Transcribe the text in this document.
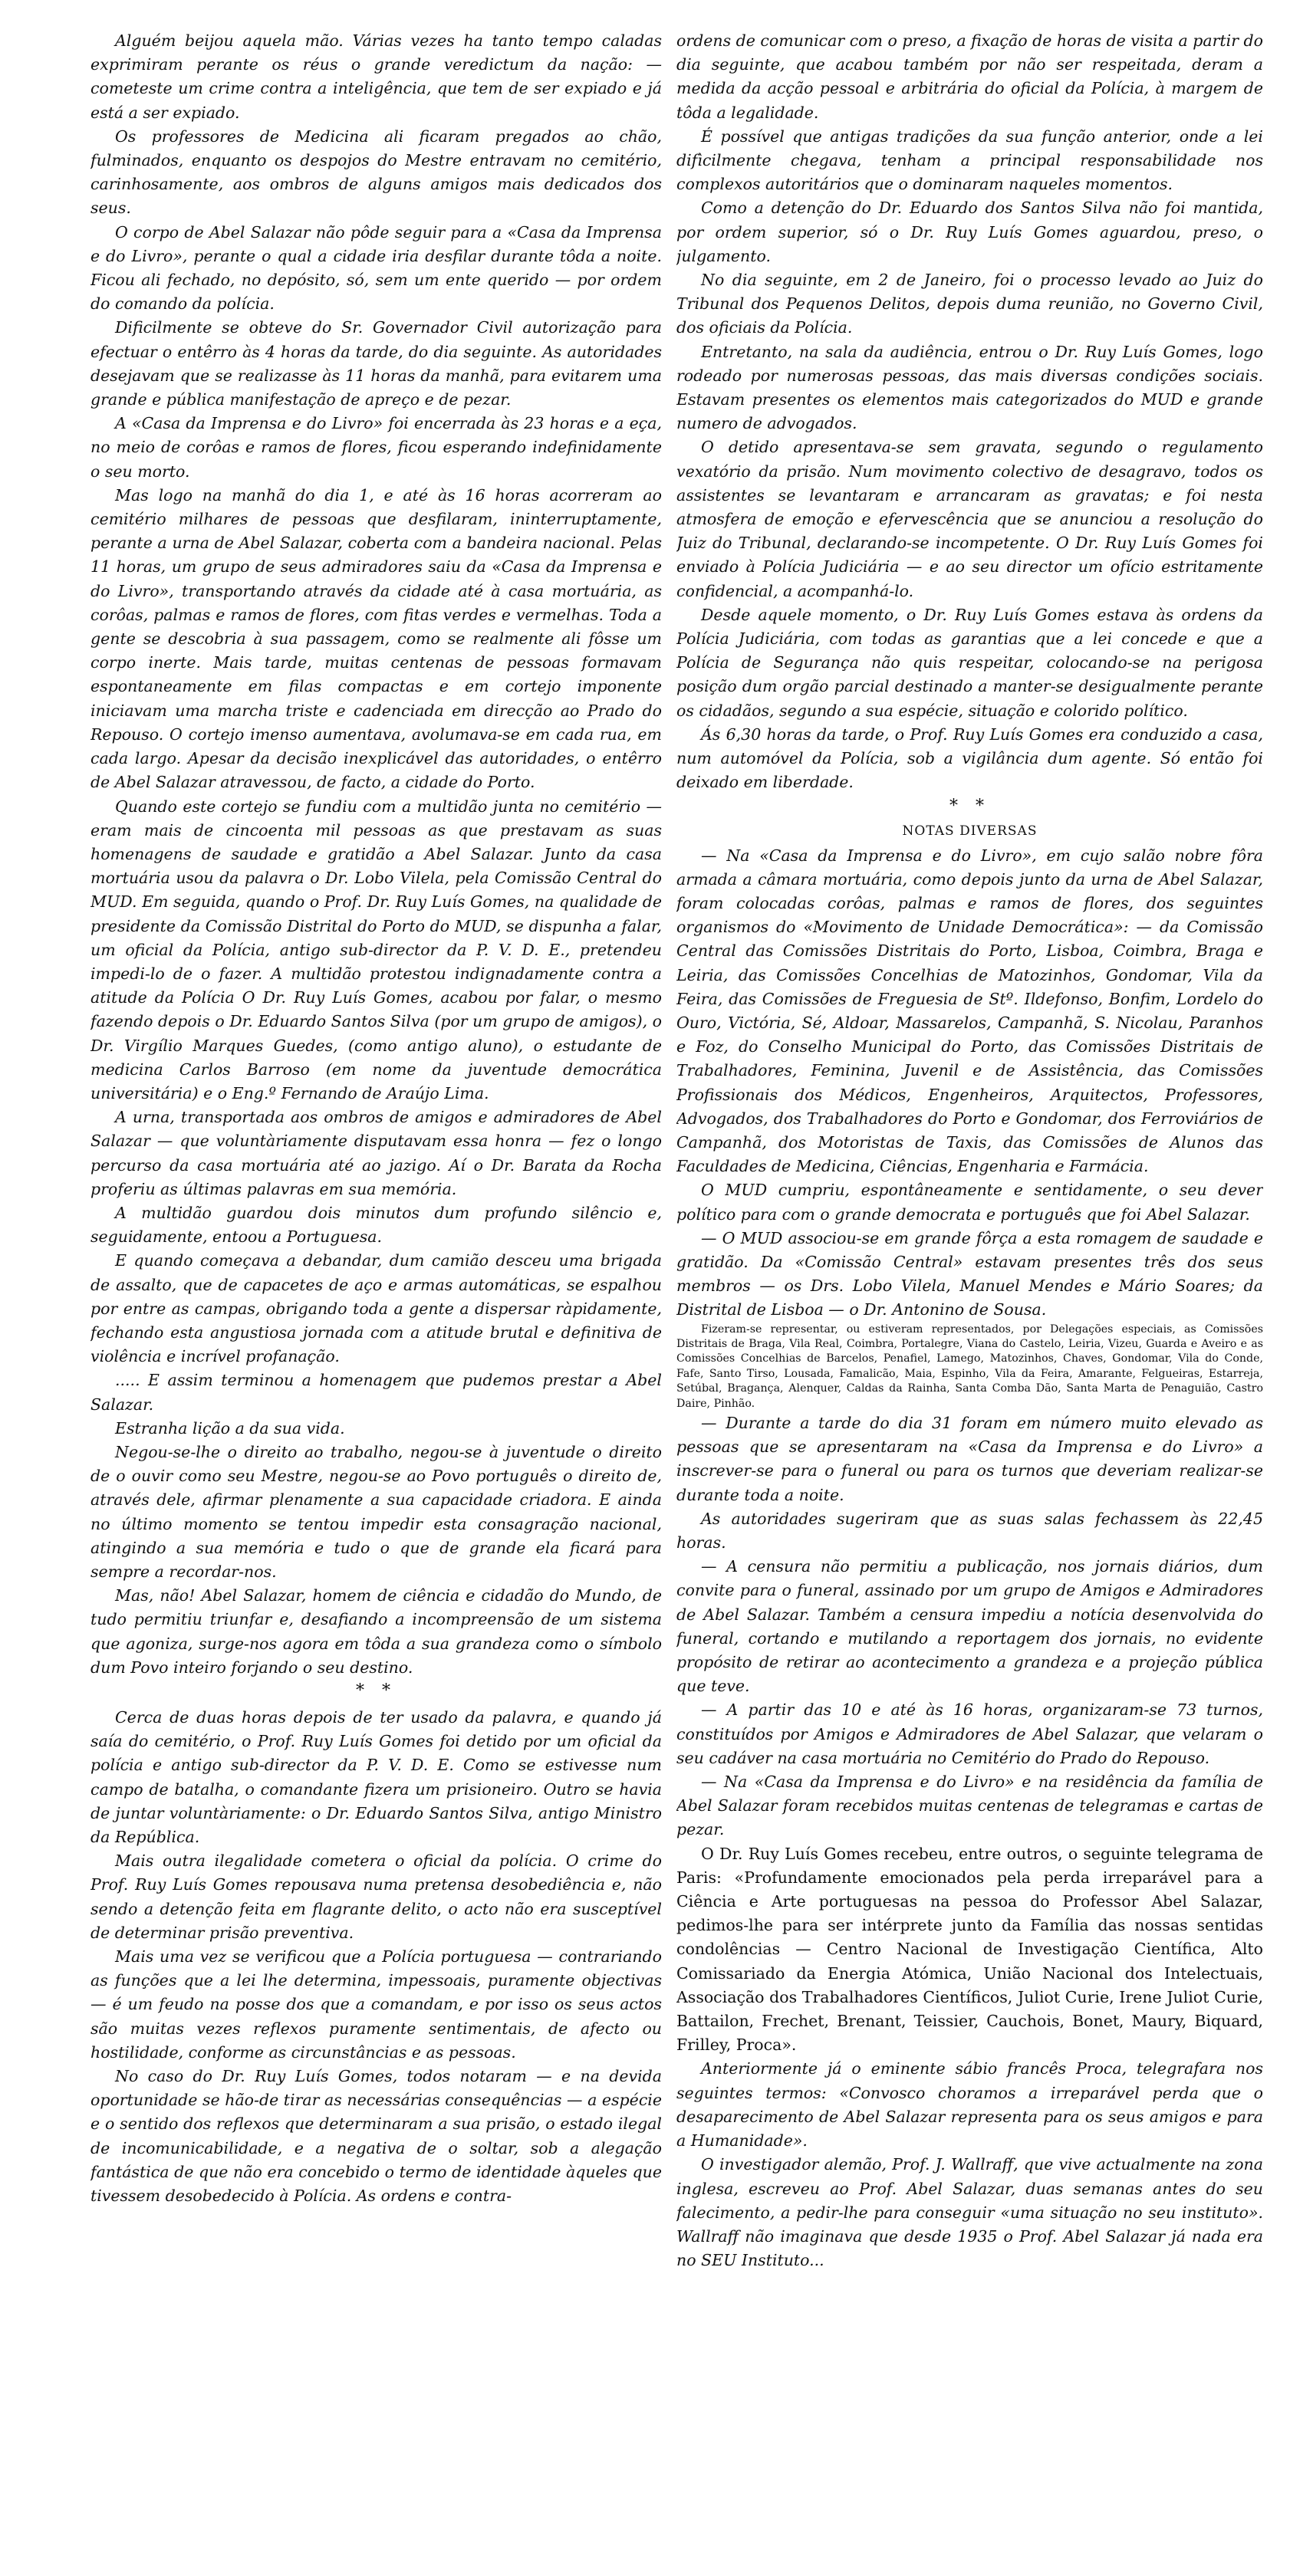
Alguém beijou aquela mão. Várias vezes ha tanto tempo caladas exprimiram perante os réus o grande veredictum da nação: — cometeste um crime contra a inteligência, que tem de ser expiado e já está a ser expiado.

Os professores de Medicina ali ficaram pregados ao chão, fulminados, enquanto os despojos do Mestre entravam no cemitério, carinhosamente, aos ombros de alguns amigos mais dedicados dos seus.

O corpo de Abel Salazar não pôde seguir para a «Casa da Imprensa e do Livro», perante o qual a cidade iria desfilar durante tôda a noite. Ficou ali fechado, no depósito, só, sem um ente querido — por ordem do comando da polícia.

Dificilmente se obteve do Sr. Governador Civil autorização para efectuar o entêrro às 4 horas da tarde, do dia seguinte. As autoridades desejavam que se realizasse às 11 horas da manhã, para evitarem uma grande e pública manifestação de apreço e de pezar.

A «Casa da Imprensa e do Livro» foi encerrada às 23 horas e a eça, no meio de corôas e ramos de flores, ficou esperando indefinidamente o seu morto.

Mas logo na manhã do dia 1, e até às 16 horas acorreram ao cemitério milhares de pessoas que desfilaram, ininterruptamente, perante a urna de Abel Salazar, coberta com a bandeira nacional. Pelas 11 horas, um grupo de seus admiradores saiu da «Casa da Imprensa e do Livro», transportando através da cidade até à casa mortuária, as corôas, palmas e ramos de flores, com fitas verdes e vermelhas. Toda a gente se descobria à sua passagem, como se realmente ali fôsse um corpo inerte. Mais tarde, muitas centenas de pessoas formavam espontaneamente em filas compactas e em cortejo imponente iniciavam uma marcha triste e cadenciada em direcção ao Prado do Repouso. O cortejo imenso aumentava, avolumava-se em cada rua, em cada largo. Apesar da decisão inexplicável das autoridades, o entêrro de Abel Salazar atravessou, de facto, a cidade do Porto.

Quando este cortejo se fundiu com a multidão junta no cemitério — eram mais de cincoenta mil pessoas as que prestavam as suas homenagens de saudade e gratidão a Abel Salazar. Junto da casa mortuária usou da palavra o Dr. Lobo Vilela, pela Comissão Central do MUD. Em seguida, quando o Prof. Dr. Ruy Luís Gomes, na qualidade de presidente da Comissão Distrital do Porto do MUD, se dispunha a falar, um oficial da Polícia, antigo sub-director da P. V. D. E., pretendeu impedi-lo de o fazer. A multidão protestou indignadamente contra a atitude da Polícia O Dr. Ruy Luís Gomes, acabou por falar, o mesmo fazendo depois o Dr. Eduardo Santos Silva (por um grupo de amigos), o Dr. Virgílio Marques Guedes, (como antigo aluno), o estudante de medicina Carlos Barroso (em nome da juventude democrática universitária) e o Eng.º Fernando de Araújo Lima.

A urna, transportada aos ombros de amigos e admiradores de Abel Salazar — que voluntàriamente disputavam essa honra — fez o longo percurso da casa mortuária até ao jazigo. Aí o Dr. Barata da Rocha proferiu as últimas palavras em sua memória.

A multidão guardou dois minutos dum profundo silêncio e, seguidamente, entoou a Portuguesa.

E quando começava a debandar, dum camião desceu uma brigada de assalto, que de capacetes de aço e armas automáticas, se espalhou por entre as campas, obrigando toda a gente a dispersar ràpidamente, fechando esta angustiosa jornada com a atitude brutal e definitiva de violência e incrível profanação.

..... E assim terminou a homenagem que pudemos prestar a Abel Salazar.

Estranha lição a da sua vida.

Negou-se-lhe o direito ao trabalho, negou-se à juventude o direito de o ouvir como seu Mestre, negou-se ao Povo português o direito de, através dele, afirmar plenamente a sua capacidade criadora. E ainda no último momento se tentou impedir esta consagração nacional, atingindo a sua memória e tudo o que de grande ela ficará para sempre a recordar-nos.

Mas, não! Abel Salazar, homem de ciência e cidadão do Mundo, de tudo permitiu triunfar e, desafiando a incompreensão de um sistema que agoniza, surge-nos agora em tôda a sua grandeza como o símbolo dum Povo inteiro forjando o seu destino.

* *

Cerca de duas horas depois de ter usado da palavra, e quando já saía do cemitério, o Prof. Ruy Luís Gomes foi detido por um oficial da polícia e antigo sub-director da P. V. D. E. Como se estivesse num campo de batalha, o comandante fizera um prisioneiro. Outro se havia de juntar voluntàriamente: o Dr. Eduardo Santos Silva, antigo Ministro da República.

Mais outra ilegalidade cometera o oficial da polícia. O crime do Prof. Ruy Luís Gomes repousava numa pretensa desobediência e, não sendo a detenção feita em flagrante delito, o acto não era susceptível de determinar prisão preventiva.

Mais uma vez se verificou que a Polícia portuguesa — contrariando as funções que a lei lhe determina, impessoais, puramente objectivas — é um feudo na posse dos que a comandam, e por isso os seus actos são muitas vezes reflexos puramente sentimentais, de afecto ou hostilidade, conforme as circunstâncias e as pessoas.

No caso do Dr. Ruy Luís Gomes, todos notaram — e na devida oportunidade se hão-de tirar as necessárias consequências — a espécie e o sentido dos reflexos que determinaram a sua prisão, o estado ilegal de incomunicabilidade, e a negativa de o soltar, sob a alegação fantástica de que não era concebido o termo de identidade àqueles que tivessem desobedecido à Polícia. As ordens e contra-

ordens de comunicar com o preso, a fixação de horas de visita a partir do dia seguinte, que acabou também por não ser respeitada, deram a medida da acção pessoal e arbitrária do oficial da Polícia, à margem de tôda a legalidade.

É possível que antigas tradições da sua função anterior, onde a lei difìcilmente chegava, tenham a principal responsabilidade nos complexos autoritários que o dominaram naqueles momentos.

Como a detenção do Dr. Eduardo dos Santos Silva não foi mantida, por ordem superior, só o Dr. Ruy Luís Gomes aguardou, preso, o julgamento.

No dia seguinte, em 2 de Janeiro, foi o processo levado ao Juiz do Tribunal dos Pequenos Delitos, depois duma reunião, no Governo Civil, dos oficiais da Polícia.

Entretanto, na sala da audiência, entrou o Dr. Ruy Luís Gomes, logo rodeado por numerosas pessoas, das mais diversas condições sociais. Estavam presentes os elementos mais categorizados do MUD e grande numero de advogados.

O detido apresentava-se sem gravata, segundo o regulamento vexatório da prisão. Num movimento colectivo de desagravo, todos os assistentes se levantaram e arrancaram as gravatas; e foi nesta atmosfera de emoção e efervescência que se anunciou a resolução do Juiz do Tribunal, declarando-se incompetente. O Dr. Ruy Luís Gomes foi enviado à Polícia Judiciária — e ao seu director um ofício estritamente confidencial, a acompanhá-lo.

Desde aquele momento, o Dr. Ruy Luís Gomes estava às ordens da Polícia Judiciária, com todas as garantias que a lei concede e que a Polícia de Segurança não quis respeitar, colocando-se na perigosa posição dum orgão parcial destinado a manter-se desigualmente perante os cidadãos, segundo a sua espécie, situação e colorido político.

Ás 6,30 horas da tarde, o Prof. Ruy Luís Gomes era conduzido a casa, num automóvel da Polícia, sob a vigilância dum agente. Só então foi deixado em liberdade.

* *
NOTAS DIVERSAS

— Na «Casa da Imprensa e do Livro», em cujo salão nobre fôra armada a câmara mortuária, como depois junto da urna de Abel Salazar, foram colocadas corôas, palmas e ramos de flores, dos seguintes organismos do «Movimento de Unidade Democrática»: — da Comissão Central das Comissões Distritais do Porto, Lisboa, Coimbra, Braga e Leiria, das Comissões Concelhias de Matozinhos, Gondomar, Vila da Feira, das Comissões de Freguesia de Stº. Ildefonso, Bonfim, Lordelo do Ouro, Victória, Sé, Aldoar, Massarelos, Campanhã, S. Nicolau, Paranhos e Foz, do Conselho Municipal do Porto, das Comissões Distritais de Trabalhadores, Feminina, Juvenil e de Assistência, das Comissões Profissionais dos Médicos, Engenheiros, Arquitectos, Professores, Advogados, dos Trabalhadores do Porto e Gondomar, dos Ferroviários de Campanhã, dos Motoristas de Taxis, das Comissões de Alunos das Faculdades de Medicina, Ciências, Engenharia e Farmácia.

O MUD cumpriu, espontâneamente e sentidamente, o seu dever político para com o grande democrata e português que foi Abel Salazar.

— O MUD associou-se em grande fôrça a esta romagem de saudade e gratidão. Da «Comissão Central» estavam presentes três dos seus membros — os Drs. Lobo Vilela, Manuel Mendes e Mário Soares; da Distrital de Lisboa — o Dr. Antonino de Sousa.

Fizeram-se representar, ou estiveram representados, por Delegações especiais, as Comissões Distritais de Braga, Vila Real, Coimbra, Portalegre, Viana do Castelo, Leiria, Vizeu, Guarda e Aveiro e as Comissões Concelhias de Barcelos, Penafiel, Lamego, Matozinhos, Chaves, Gondomar, Vila do Conde, Fafe, Santo Tirso, Lousada, Famalicão, Maia, Espinho, Vila da Feira, Amarante, Felgueiras, Estarreja, Setúbal, Bragança, Alenquer, Caldas da Rainha, Santa Comba Dão, Santa Marta de Penaguião, Castro Daire, Pinhão.

— Durante a tarde do dia 31 foram em número muito elevado as pessoas que se apresentaram na «Casa da Imprensa e do Livro» a inscrever-se para o funeral ou para os turnos que deveriam realizar-se durante toda a noite.

As autoridades sugeriram que as suas salas fechassem às 22,45 horas.

— A censura não permitiu a publicação, nos jornais diários, dum convite para o funeral, assinado por um grupo de Amigos e Admiradores de Abel Salazar. Também a censura impediu a notícia desenvolvida do funeral, cortando e mutilando a reportagem dos jornais, no evidente propósito de retirar ao acontecimento a grandeza e a projeção pública que teve.

— A partir das 10 e até às 16 horas, organizaram-se 73 turnos, constituídos por Amigos e Admiradores de Abel Salazar, que velaram o seu cadáver na casa mortuária no Cemitério do Prado do Repouso.

— Na «Casa da Imprensa e do Livro» e na residência da família de Abel Salazar foram recebidos muitas centenas de telegramas e cartas de pezar.

O Dr. Ruy Luís Gomes recebeu, entre outros, o seguinte telegrama de Paris: «Profundamente emocionados pela perda irreparável para a Ciência e Arte portuguesas na pessoa do Professor Abel Salazar, pedimos-lhe para ser intérprete junto da Família das nossas sentidas condolências — Centro Nacional de Investigação Científica, Alto Comissariado da Energia Atómica, União Nacional dos Intelectuais, Associação dos Trabalhadores Científicos, Juliot Curie, Irene Juliot Curie, Battailon, Frechet, Brenant, Teissier, Cauchois, Bonet, Maury, Biquard, Frilley, Proca».

Anteriormente já o eminente sábio francês Proca, telegrafara nos seguintes termos: «Convosco choramos a irreparável perda que o desaparecimento de Abel Salazar representa para os seus amigos e para a Humanidade».

O investigador alemão, Prof. J. Wallraff, que vive actualmente na zona inglesa, escreveu ao Prof. Abel Salazar, duas semanas antes do seu falecimento, a pedir-lhe para conseguir «uma situação no seu instituto». Wallraff não imaginava que desde 1935 o Prof. Abel Salazar já nada era no SEU Instituto...
